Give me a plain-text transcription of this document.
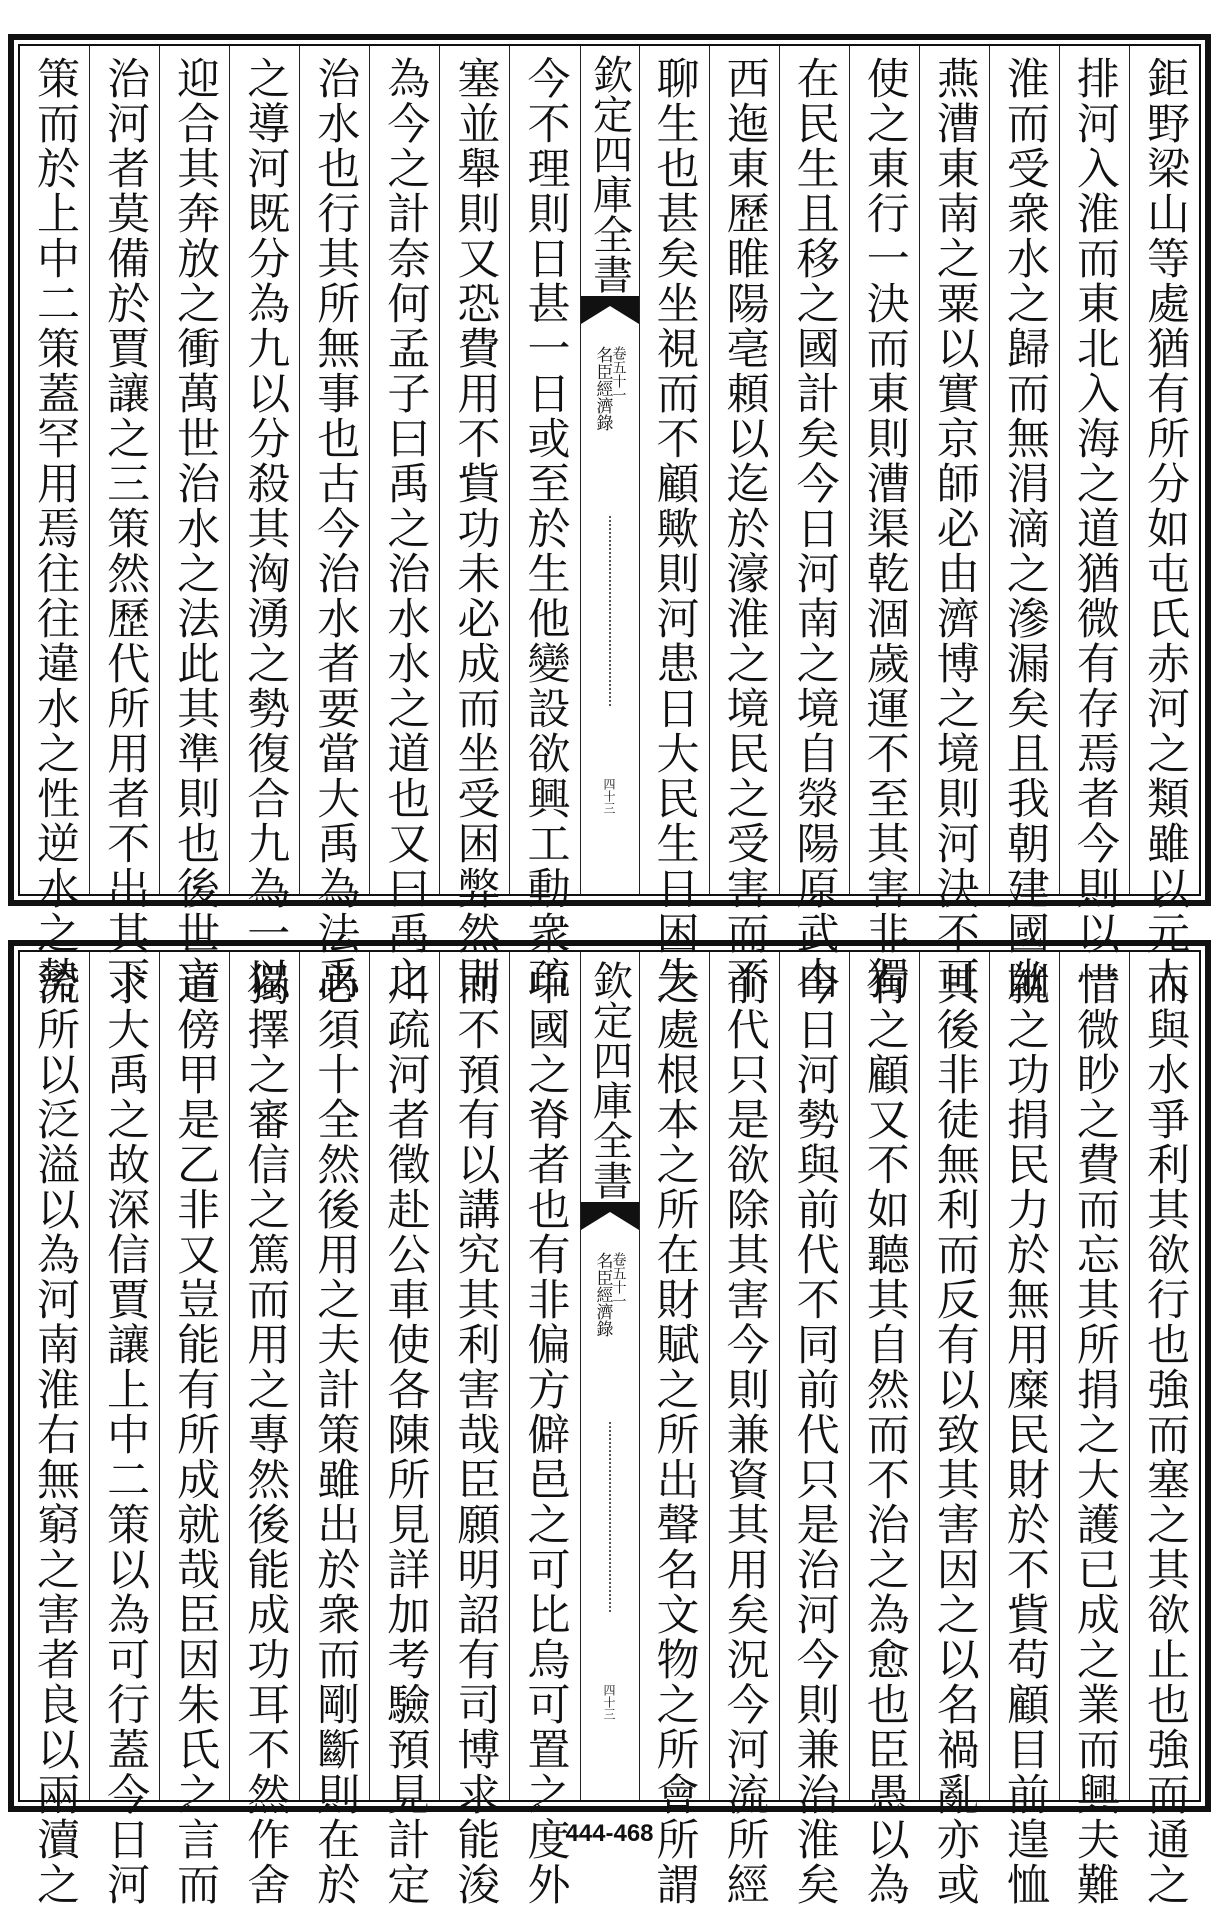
鉅野梁山等處猶有所分如屯氏赤河之類雖以元人
排河入淮而東北入海之道猶微有存焉者今則以一
淮而受衆水之歸而無涓滴之滲漏矣且我朝建國幽
燕漕東南之粟以實京師必由濟博之境則河決不可
使之東行一決而東則漕渠乾涸歲運不至其害非獨
在民生且移之國計矣今日河南之境自滎陽原武由
西迤東歷睢陽亳頼以迄於濠淮之境民之受害而不
聊生也甚矣坐視而不顧歟則河患日大民生日困失
欽定四庫全書
名臣經濟錄
卷五十一
四十三
今不理則日甚一日或至於生他變設欲興工動衆疏
塞並舉則又恐費用不貲功未必成而坐受困弊然則
為今之計奈何孟子曰禹之治水水之道也又曰禹之
治水也行其所無事也古今治水者要當大禹為法禹
之導河既分為九以分殺其洶湧之勢復合九為一以
迎合其奔放之衝萬世治水之法此其準則也後世言
治河者莫備於賈讓之三策然歷代所用者不出其下
策而於上中二策蓋罕用焉往往違水之性逆水之勢
而與水爭利其欲行也強而塞之其欲止也強而通之
惜微眇之費而忘其所捐之大護已成之業而興夫難
就之功捐民力於無用糜民財於不貲苟顧目前遑恤
其後非徒無利而反有以致其害因之以名禍亂亦或
有之顧又不如聽其自然而不治之為愈也臣愚以為
今日河勢與前代不同前代只是治河今則兼治淮矣
前代只是欲除其害今則兼資其用矣況今河流所經
之處根本之所在財賦之所出聲名文物之所會所謂
欽定四庫全書
名臣經濟錄
卷五十一
四十三
中國之脊者也有非偏方僻邑之可比烏可置之度外
而不預有以講究其利害哉臣願明詔有司博求能浚
川疏河者徵赴公車使各陳所見詳加考驗預見計定
必須十全然後用之夫計策雖出於衆而剛斷則在於
獨擇之審信之篤而用之專然後能成功耳不然作舍
道傍甲是乙非又豈能有所成就哉臣因朱氏之言而
求大禹之故深信賈讓上中二策以為可行蓋今日河
流所以泛溢以為河南淮右無窮之害者良以兩瀆之	444-468
